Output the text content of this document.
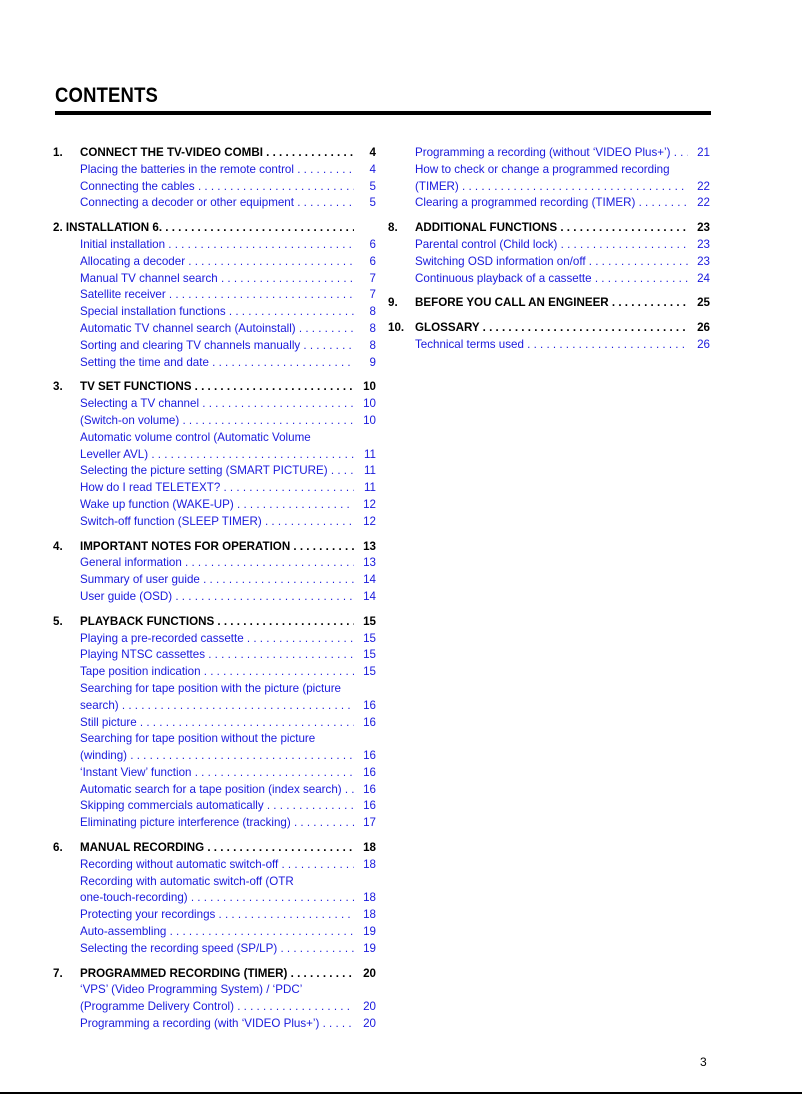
CONTENTS
1. CONNECT THE TV-VIDEO COMBI . . .	4
Placing the batteries in the remote control . . .	4
Connecting the cables . . .	5
Connecting a decoder or other equipment . . .	5
2. INSTALLATION 6. . . .
Initial installation . . .	6
Allocating a decoder . . .	6
Manual TV channel search . . .	7
Satellite receiver . . .	7
Special installation functions . . .	8
Automatic TV channel search (Autoinstall) . . .	8
Sorting and clearing TV channels manually . . .	8
Setting the time and date . . .	9
3. TV SET FUNCTIONS . . .	10
Selecting a TV channel . . .	10
(Switch-on volume) . . .	10
Automatic volume control (Automatic Volume
Leveller AVL) . . .	11
Selecting the picture setting (SMART PICTURE) . . .	11
How do I read TELETEXT? . . .	11
Wake up function (WAKE-UP) . . .	12
Switch-off function (SLEEP TIMER) . . .	12
4. IMPORTANT NOTES FOR OPERATION . . .	13
General information . . .	13
Summary of user guide . . .	14
User guide (OSD) . . .	14
5. PLAYBACK FUNCTIONS . . .	15
Playing a pre-recorded cassette . . .	15
Playing NTSC cassettes . . .	15
Tape position indication . . .	15
Searching for tape position with the picture (picture
search) . . .	16
Still picture . . .	16
Searching for tape position without the picture
(winding) . . .	16
‘Instant View’ function . . .	16
Automatic search for a tape position (index search) . . .	16
Skipping commercials automatically . . .	16
Eliminating picture interference (tracking) . . .	17
6. MANUAL RECORDING . . .	18
Recording without automatic switch-off . . .	18
Recording with automatic switch-off (OTR
one-touch-recording) . . .	18
Protecting your recordings . . .	18
Auto-assembling . . .	19
Selecting the recording speed (SP/LP) . . .	19
7. PROGRAMMED RECORDING (TIMER) . . .	20
‘VPS’ (Video Programming System) / ‘PDC’
(Programme Delivery Control) . . .	20
Programming a recording (with ‘VIDEO Plus+’) . . .	20
Programming a recording (without ‘VIDEO Plus+’) . . .	21
How to check or change a programmed recording
(TIMER) . . .	22
Clearing a programmed recording (TIMER) . . .	22
8. ADDITIONAL FUNCTIONS . . .	23
Parental control (Child lock) . . .	23
Switching OSD information on/off . . .	23
Continuous playback of a cassette . . .	24
9. BEFORE YOU CALL AN ENGINEER . . .	25
10. GLOSSARY . . .	26
Technical terms used . . .	26
3
